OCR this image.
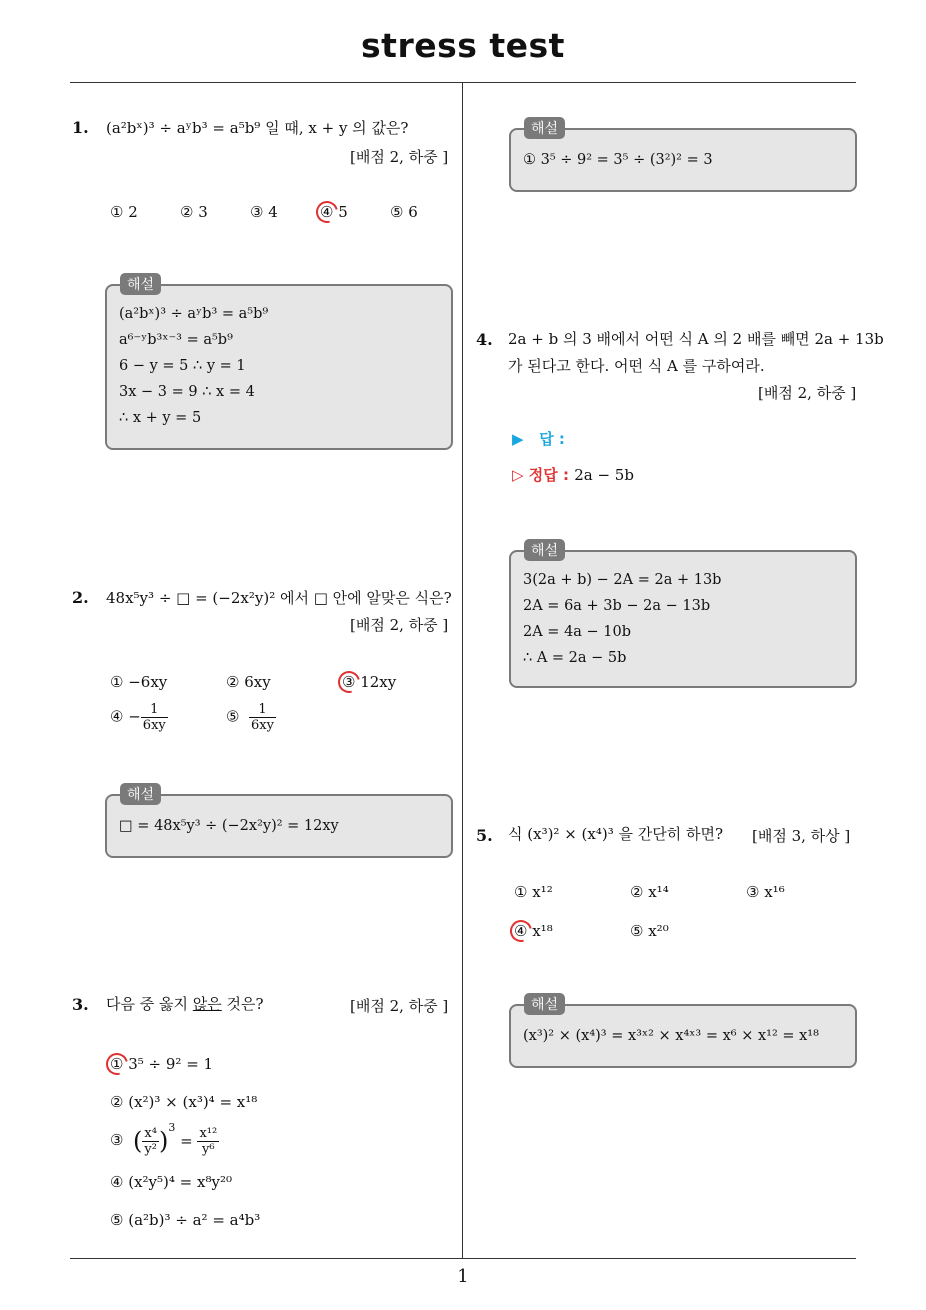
stress test
1
1. (a²bˣ)³ ÷ aʸb³ = a⁵b⁹ 일 때, x + y 의 값은?
[배점 2, 하중 ]
① 2	② 3	③ 4	④ 5	⑤ 6
(a²bˣ)³ ÷ aʸb³ = a⁵b⁹
a⁶⁻ʸb³ˣ⁻³ = a⁵b⁹
6 − y = 5 ∴ y = 1
3x − 3 = 9 ∴ x = 4
∴ x + y = 5
해설
2. 48x⁵y³ ÷ □ = (−2x²y)² 에서 □ 안에 알맞은 식은?
[배점 2, 하중 ]
① −6xy	② 6xy	③ 12xy
④ − $\frac{1}{6xy}$	⑤ $\frac{1}{6xy}$
□ = 48x⁵y³ ÷ (−2x²y)² = 12xy
해설
3. 다음 중 옳지 않은 것은?	[배점 2, 하중 ]
① 3⁵ ÷ 9² = 1
② (x²)³ × (x³)⁴ = x¹⁸
③ ( $\frac{\text{x⁴}}{\text{y²}} )^3 = \frac{\text{x¹²}}{\text{y⁶}}$
④ (x²y⁵)⁴ = x⁸y²⁰
⑤ (a²b)³ ÷ a² = a⁴b³
① 3⁵ ÷ 9² = 3⁵ ÷ (3²)² = 3
해설
4. 2a + b 의 3 배에서 어떤 식 A 의 2 배를 빼면 2a + 13b
가 된다고 한다. 어떤 식 A 를 구하여라.
[배점 2, 하중 ]
▶ 답 :
▷ 정답 : 2a − 5b
3(2a + b) − 2A = 2a + 13b
2A = 6a + 3b − 2a − 13b
2A = 4a − 10b
∴ A = 2a − 5b
해설
5. 식 (x³)² × (x⁴)³ 을 간단히 하면? [배점 3, 하상 ]
① x¹²	② x¹⁴	③ x¹⁶
④ x¹⁸	⑤ x²⁰
(x³)² × (x⁴)³ = x³ˣ² × x⁴ˣ³ = x⁶ × x¹² = x¹⁸
해설
